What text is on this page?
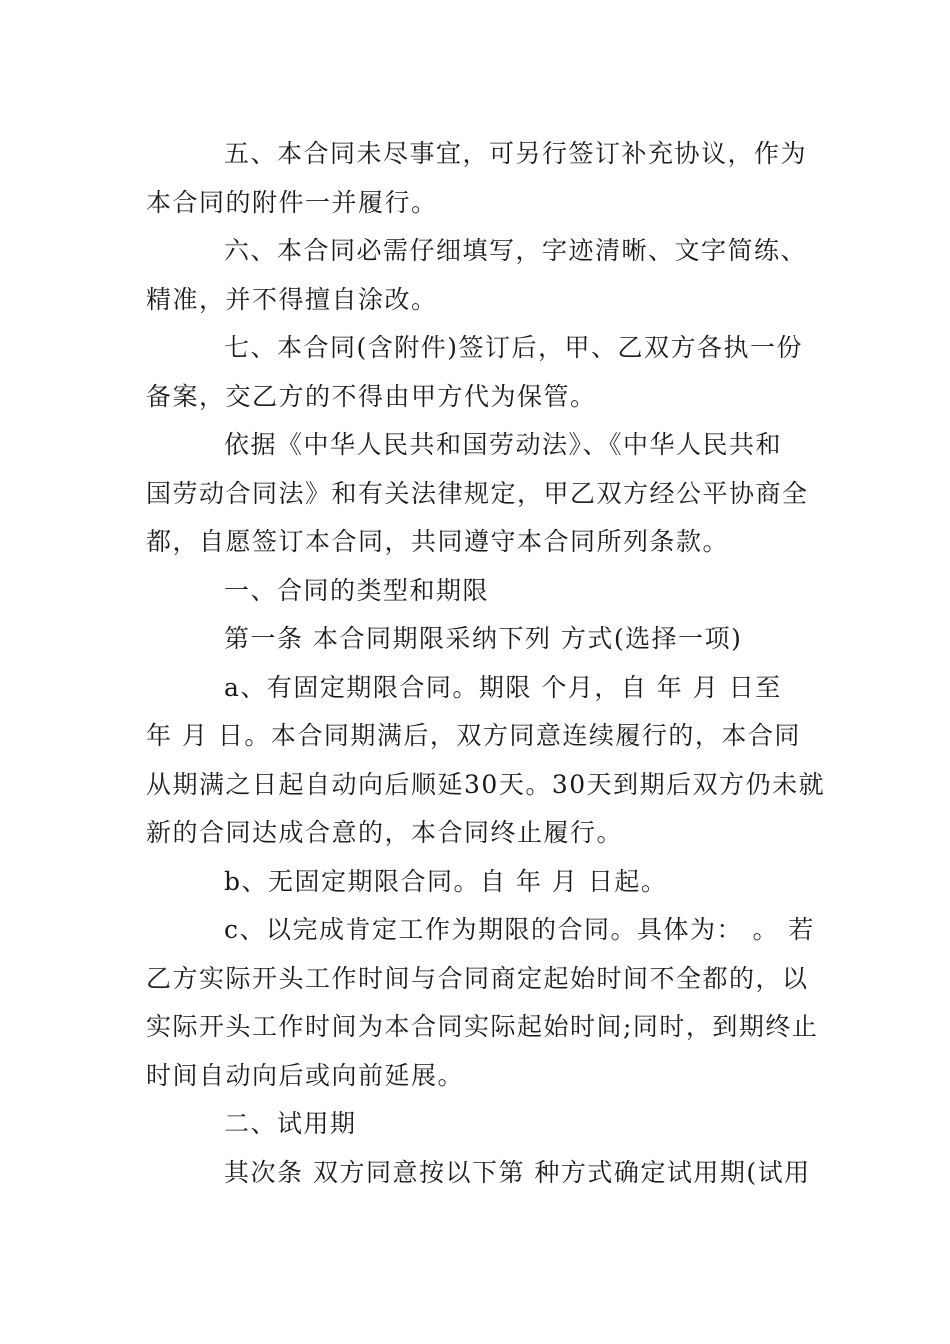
五、本合同未尽事宜，可另行签订补充协议，作为
本合同的附件一并履行。
六、本合同必需仔细填写，字迹清晰、文字简练、
精准，并不得擅自涂改。
七、本合同(含附件)签订后，甲、乙双方各执一份
备案，交乙方的不得由甲方代为保管。
依据《中华人民共和国劳动法》、《中华人民共和
国劳动合同法》和有关法律规定，甲乙双方经公平协商全
都，自愿签订本合同，共同遵守本合同所列条款。
一、合同的类型和期限
第一条 本合同期限采纳下列 方式(选择一项)
a、有固定期限合同。期限 个月，自 年 月 日至
年 月 日。本合同期满后，双方同意连续履行的，本合同
从期满之日起自动向后顺延30天。30天到期后双方仍未就
新的合同达成合意的，本合同终止履行。
b、无固定期限合同。自 年 月 日起。
c、以完成肯定工作为期限的合同。具体为： 。 若
乙方实际开头工作时间与合同商定起始时间不全都的，以
实际开头工作时间为本合同实际起始时间;同时，到期终止
时间自动向后或向前延展。
二、试用期
其次条 双方同意按以下第 种方式确定试用期(试用
